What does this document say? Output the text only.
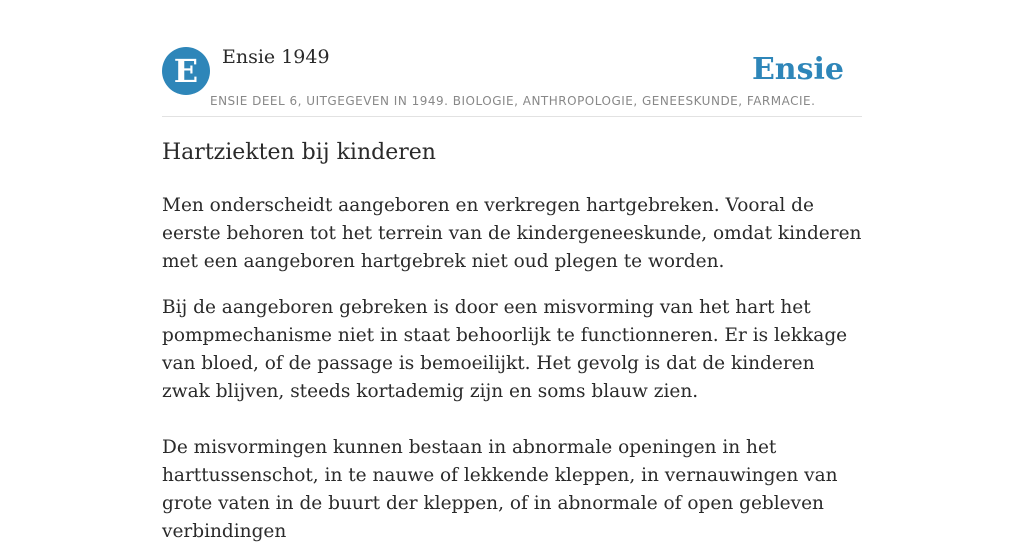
E	Ensie 1949	Ensie
ENSIE DEEL 6, UITGEGEVEN IN 1949. BIOLOGIE, ANTHROPOLOGIE, GENEESKUNDE, FARMACIE.
Hartziekten bij kinderen

Men onderscheidt aangeboren en verkregen hartgebreken. Vooral de eerste behoren tot het terrein van de kindergeneeskunde, omdat kinderen met een aangeboren hartgebrek niet oud plegen te worden.

Bij de aangeboren gebreken is door een misvorming van het hart het pompmechanisme niet in staat behoorlijk te functionneren. Er is lekkage van bloed, of de passage is bemoeilijkt. Het gevolg is dat de kinderen zwak blijven, steeds kortademig zijn en soms blauw zien.

De misvormingen kunnen bestaan in abnormale openingen in het harttussenschot, in te nauwe of lekkende kleppen, in vernauwingen van grote vaten in de buurt der kleppen, of in abnormale of open gebleven verbindingen
